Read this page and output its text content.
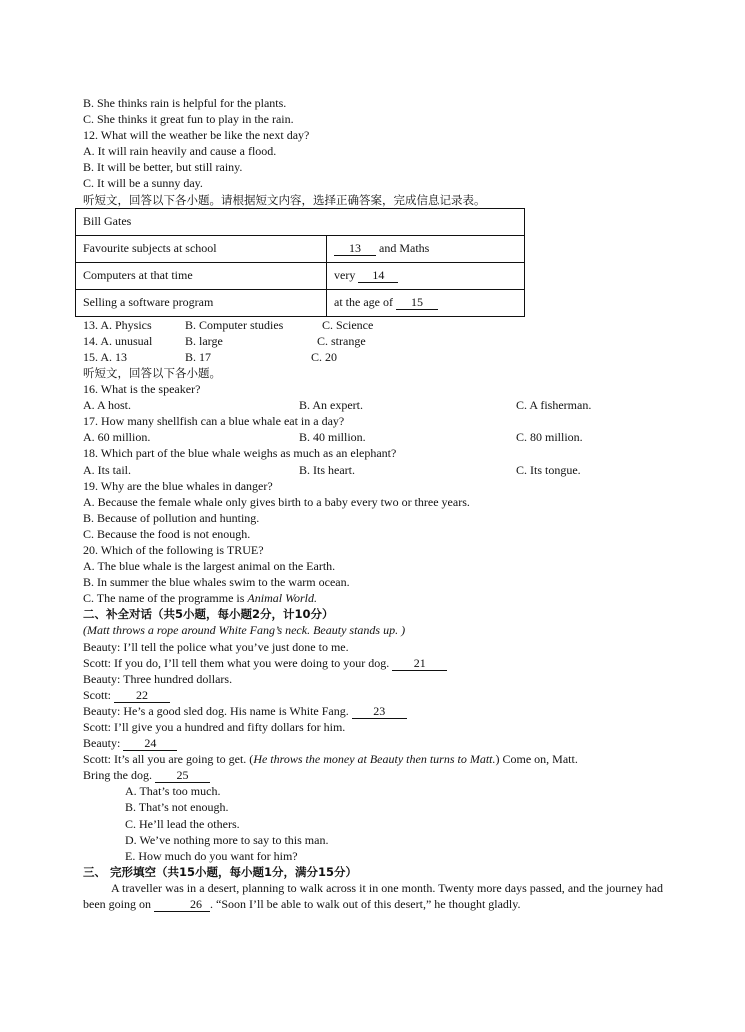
B. She thinks rain is helpful for the plants.
C. She thinks it great fun to play in the rain.
12. What will the weather be like the next day?
A. It will rain heavily and cause a flood.
B. It will be better, but still rainy.
C. It will be a sunny day.
听短文，回答以下各小题。请根据短文内容，选择正确答案，完成信息记录表。
Bill Gates	
Favourite subjects at school	13 and Maths
Computers at that time	very 14
Selling a software program	at the age of 15
13. A. Physics	B. Computer studies	C. Science
14. A. unusual	B. large	C. strange
15. A. 13	B. 17	C. 20
听短文，回答以下各小题。
16. What is the speaker?
A. A host.	B. An expert.	C. A fisherman.
17. How many shellfish can a blue whale eat in a day?
A. 60 million.	B. 40 million.	C. 80 million.
18. Which part of the blue whale weighs as much as an elephant?
A. Its tail.	B. Its heart.	C. Its tongue.
19. Why are the blue whales in danger?
A. Because the female whale only gives birth to a baby every two or three years.
B. Because of pollution and hunting.
C. Because the food is not enough.
20. Which of the following is TRUE?
A. The blue whale is the largest animal on the Earth.
B. In summer the blue whales swim to the warm ocean.
C. The name of the programme is Animal World.
二、补全对话（共5小题，每小题2分，计10分）
(Matt throws a rope around White Fang’s neck. Beauty stands up. )
Beauty: I’ll tell the police what you’ve just done to me.
Scott: If you do, I’ll tell them what you were doing to your dog. 21
Beauty: Three hundred dollars.
Scott: 22
Beauty: He’s a good sled dog. His name is White Fang. 23
Scott: I’ll give you a hundred and fifty dollars for him.
Beauty: 24
Scott: It’s all you are going to get. (He throws the money at Beauty then turns to Matt.) Come on, Matt.
Bring the dog. 25
A. That’s too much.
B. That’s not enough.
C. He’ll lead the others.
D. We’ve nothing more to say to this man.
E. How much do you want for him?
三、 完形填空（共15小题，每小题1分，满分15分）
A traveller was in a desert, planning to walk across it in one month. Twenty more days passed, and the journey had been going on	26 . “Soon I’ll be able to walk out of this desert,” he thought gladly.
